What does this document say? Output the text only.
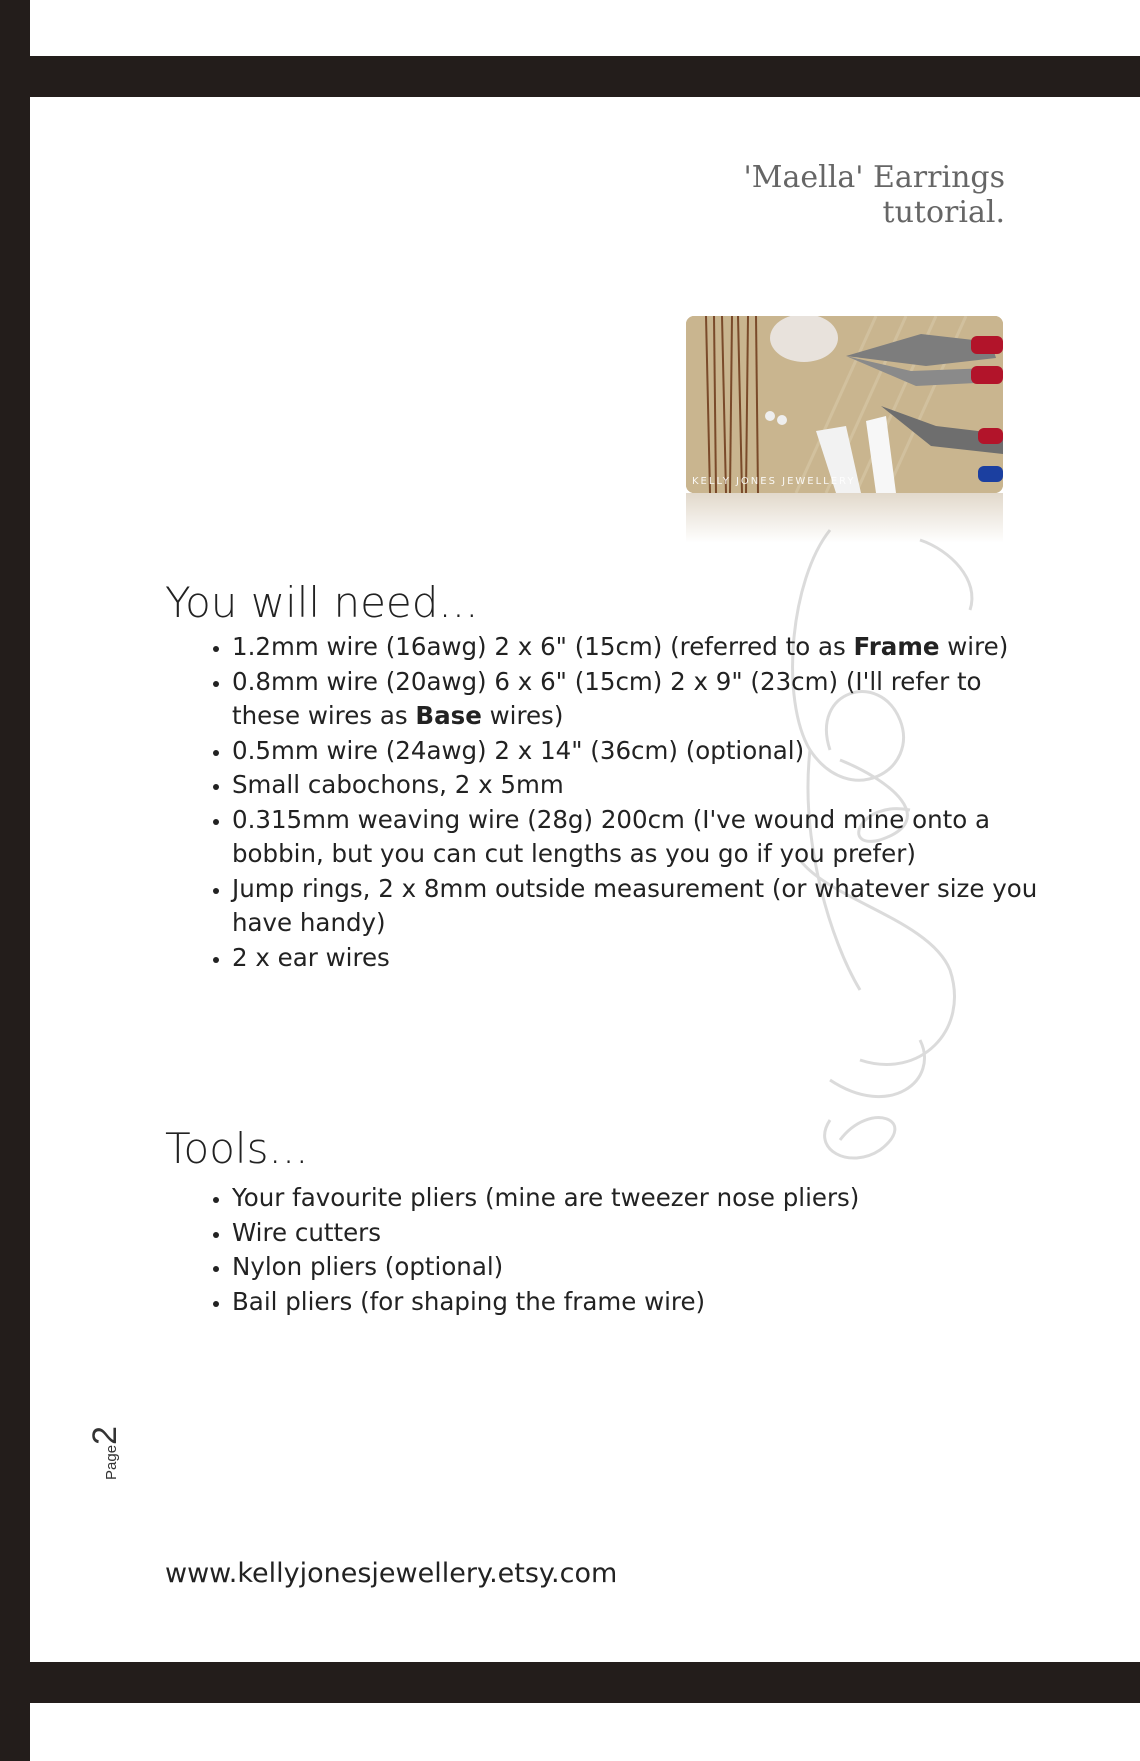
'Maella' Earrings tutorial.
KELLY JONES JEWELLERY
You will need...
• 1.2mm wire (16awg) 2 x 6" (15cm) (referred to as Frame wire)
• 0.8mm wire (20awg) 6 x 6" (15cm) 2 x 9" (23cm) (I'll refer to these wires as Base wires)
• 0.5mm wire (24awg) 2 x 14" (36cm) (optional)
• Small cabochons, 2 x 5mm
• 0.315mm weaving wire (28g) 200cm (I've wound mine onto a bobbin, but you can cut lengths as you go if you prefer)
• Jump rings, 2 x 8mm outside measurement (or whatever size you have handy)
• 2 x ear wires
Tools...
• Your favourite pliers (mine are tweezer nose pliers)
• Wire cutters
• Nylon pliers (optional)
• Bail pliers (for shaping the frame wire)
Page2
www.kellyjonesjewellery.etsy.com
